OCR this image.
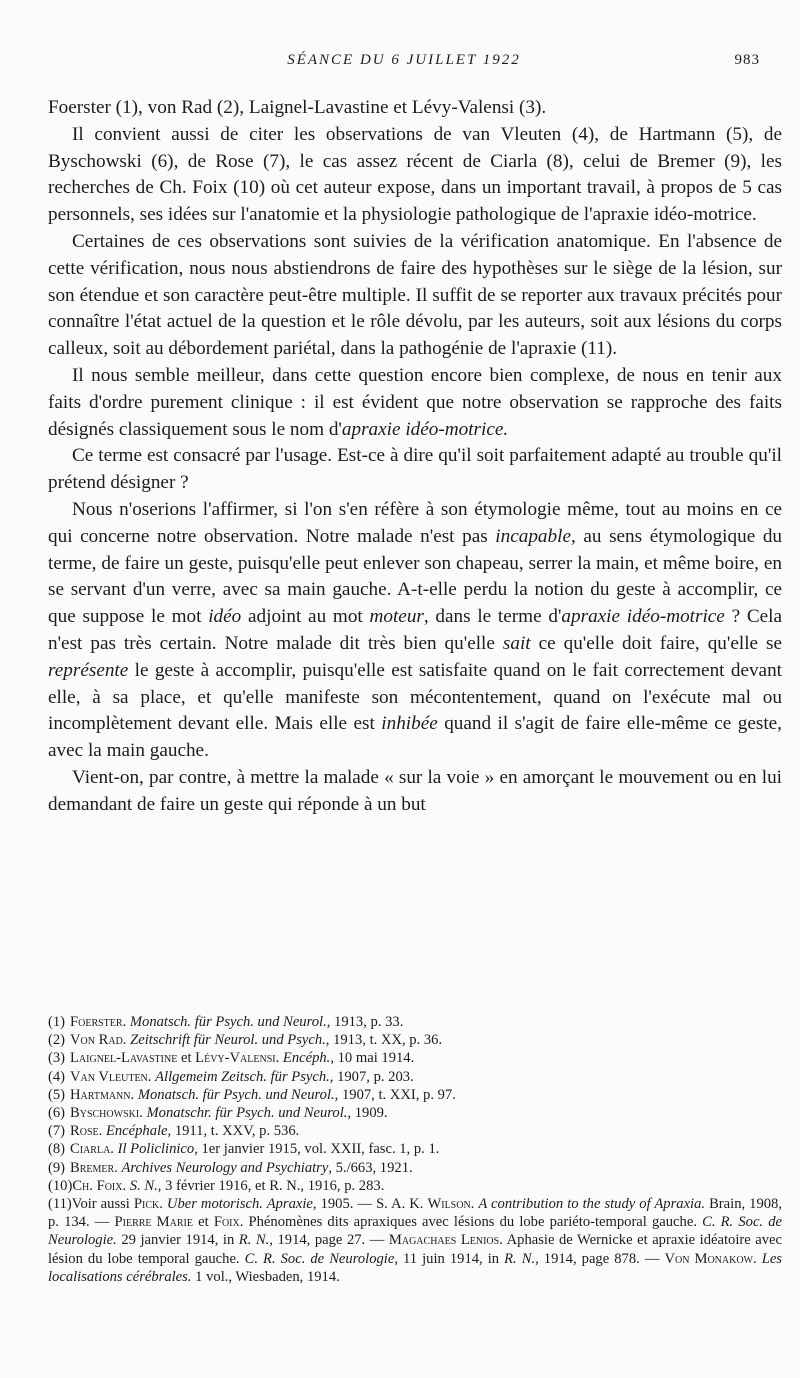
SÉANCE DU 6 JUILLET 1922	983

Foerster (1), von Rad (2), Laignel-Lavastine et Lévy-Valensi (3).

Il convient aussi de citer les observations de van Vleuten (4), de Hartmann (5), de Byschowski (6), de Rose (7), le cas assez récent de Ciarla (8), celui de Bremer (9), les recherches de Ch. Foix (10) où cet auteur expose, dans un important travail, à propos de 5 cas personnels, ses idées sur l'anatomie et la physiologie pathologique de l'apraxie idéo-motrice.

Certaines de ces observations sont suivies de la vérification anatomique. En l'absence de cette vérification, nous nous abstiendrons de faire des hypothèses sur le siège de la lésion, sur son étendue et son caractère peut-être multiple. Il suffit de se reporter aux travaux précités pour connaître l'état actuel de la question et le rôle dévolu, par les auteurs, soit aux lésions du corps calleux, soit au débordement pariétal, dans la pathogénie de l'apraxie (11).

Il nous semble meilleur, dans cette question encore bien complexe, de nous en tenir aux faits d'ordre purement clinique : il est évident que notre observation se rapproche des faits désignés classiquement sous le nom d'apraxie idéo-motrice.

Ce terme est consacré par l'usage. Est-ce à dire qu'il soit parfaitement adapté au trouble qu'il prétend désigner ?

Nous n'oserions l'affirmer, si l'on s'en réfère à son étymologie même, tout au moins en ce qui concerne notre observation. Notre malade n'est pas incapable, au sens étymologique du terme, de faire un geste, puisqu'elle peut enlever son chapeau, serrer la main, et même boire, en se servant d'un verre, avec sa main gauche. A-t-elle perdu la notion du geste à accomplir, ce que suppose le mot idéo adjoint au mot moteur, dans le terme d'apraxie idéo-motrice ? Cela n'est pas très certain. Notre malade dit très bien qu'elle sait ce qu'elle doit faire, qu'elle se représente le geste à accomplir, puisqu'elle est satisfaite quand on le fait correctement devant elle, à sa place, et qu'elle manifeste son mécontentement, quand on l'exécute mal ou incomplètement devant elle. Mais elle est inhibée quand il s'agit de faire elle-même ce geste, avec la main gauche.

Vient-on, par contre, à mettre la malade « sur la voie » en amorçant le mouvement ou en lui demandant de faire un geste qui réponde à un but

(1) Foerster. Monatsch. für Psych. und Neurol., 1913, p. 33.

(2) Von Rad. Zeitschrift für Neurol. und Psych., 1913, t. XX, p. 36.

(3) Laignel-Lavastine et Lévy-Valensi. Encéph., 10 mai 1914.

(4) Van Vleuten. Allgemeim Zeitsch. für Psych., 1907, p. 203.

(5) Hartmann. Monatsch. für Psych. und Neurol., 1907, t. XXI, p. 97.

(6) Byschowski. Monatschr. für Psych. und Neurol., 1909.

(7) Rose. Encéphale, 1911, t. XXV, p. 536.

(8) Ciarla. Il Policlinico, 1er janvier 1915, vol. XXII, fasc. 1, p. 1.

(9) Bremer. Archives Neurology and Psychiatry, 5./663, 1921.

(10)Ch. Foix. S. N., 3 février 1916, et R. N., 1916, p. 283.

(11)Voir aussi Pick. Uber motorisch. Apraxie, 1905. — S. A. K. Wilson. A contribution to the study of Apraxia. Brain, 1908, p. 134. — Pierre Marie et Foix. Phénomènes dits apraxiques avec lésions du lobe pariéto-temporal gauche. C. R. Soc. de Neurologie. 29 janvier 1914, in R. N., 1914, page 27. — Magachaes Lenios. Aphasie de Wernicke et apraxie idéatoire avec lésion du lobe temporal gauche. C. R. Soc. de Neurologie, 11 juin 1914, in R. N., 1914, page 878. — Von Monakow. Les localisations cérébrales. 1 vol., Wiesbaden, 1914.
